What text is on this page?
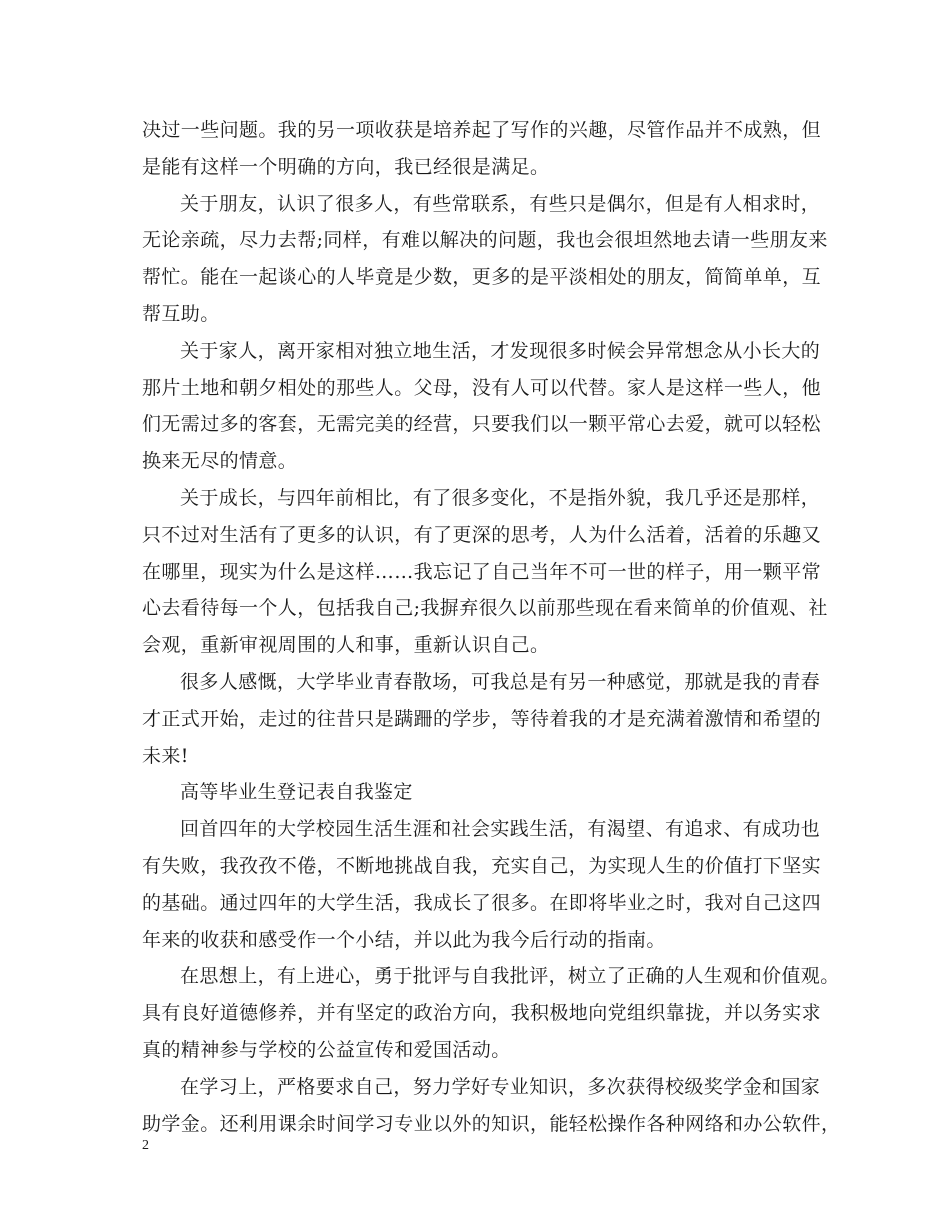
决过一些问题。我的另一项收获是培养起了写作的兴趣，尽管作品并不成熟，但
是能有这样一个明确的方向，我已经很是满足。
关于朋友，认识了很多人，有些常联系，有些只是偶尔，但是有人相求时，
无论亲疏，尽力去帮;同样，有难以解决的问题，我也会很坦然地去请一些朋友来
帮忙。能在一起谈心的人毕竟是少数，更多的是平淡相处的朋友，简简单单，互
帮互助。
关于家人，离开家相对独立地生活，才发现很多时候会异常想念从小长大的
那片土地和朝夕相处的那些人。父母，没有人可以代替。家人是这样一些人，他
们无需过多的客套，无需完美的经营，只要我们以一颗平常心去爱，就可以轻松
换来无尽的情意。
关于成长，与四年前相比，有了很多变化，不是指外貌，我几乎还是那样，
只不过对生活有了更多的认识，有了更深的思考，人为什么活着，活着的乐趣又
在哪里，现实为什么是这样……我忘记了自己当年不可一世的样子，用一颗平常
心去看待每一个人，包括我自己;我摒弃很久以前那些现在看来简单的价值观、社
会观，重新审视周围的人和事，重新认识自己。
很多人感慨，大学毕业青春散场，可我总是有另一种感觉，那就是我的青春
才正式开始，走过的往昔只是蹒跚的学步，等待着我的才是充满着激情和希望的
未来!
高等毕业生登记表自我鉴定
回首四年的大学校园生活生涯和社会实践生活，有渴望、有追求、有成功也
有失败，我孜孜不倦，不断地挑战自我，充实自己，为实现人生的价值打下坚实
的基础。通过四年的大学生活，我成长了很多。在即将毕业之时，我对自己这四
年来的收获和感受作一个小结，并以此为我今后行动的指南。
在思想上，有上进心，勇于批评与自我批评，树立了正确的人生观和价值观。
具有良好道德修养，并有坚定的政治方向，我积极地向党组织靠拢，并以务实求
真的精神参与学校的公益宣传和爱国活动。
在学习上，严格要求自己，努力学好专业知识，多次获得校级奖学金和国家
助学金。还利用课余时间学习专业以外的知识，能轻松操作各种网络和办公软件，
2
